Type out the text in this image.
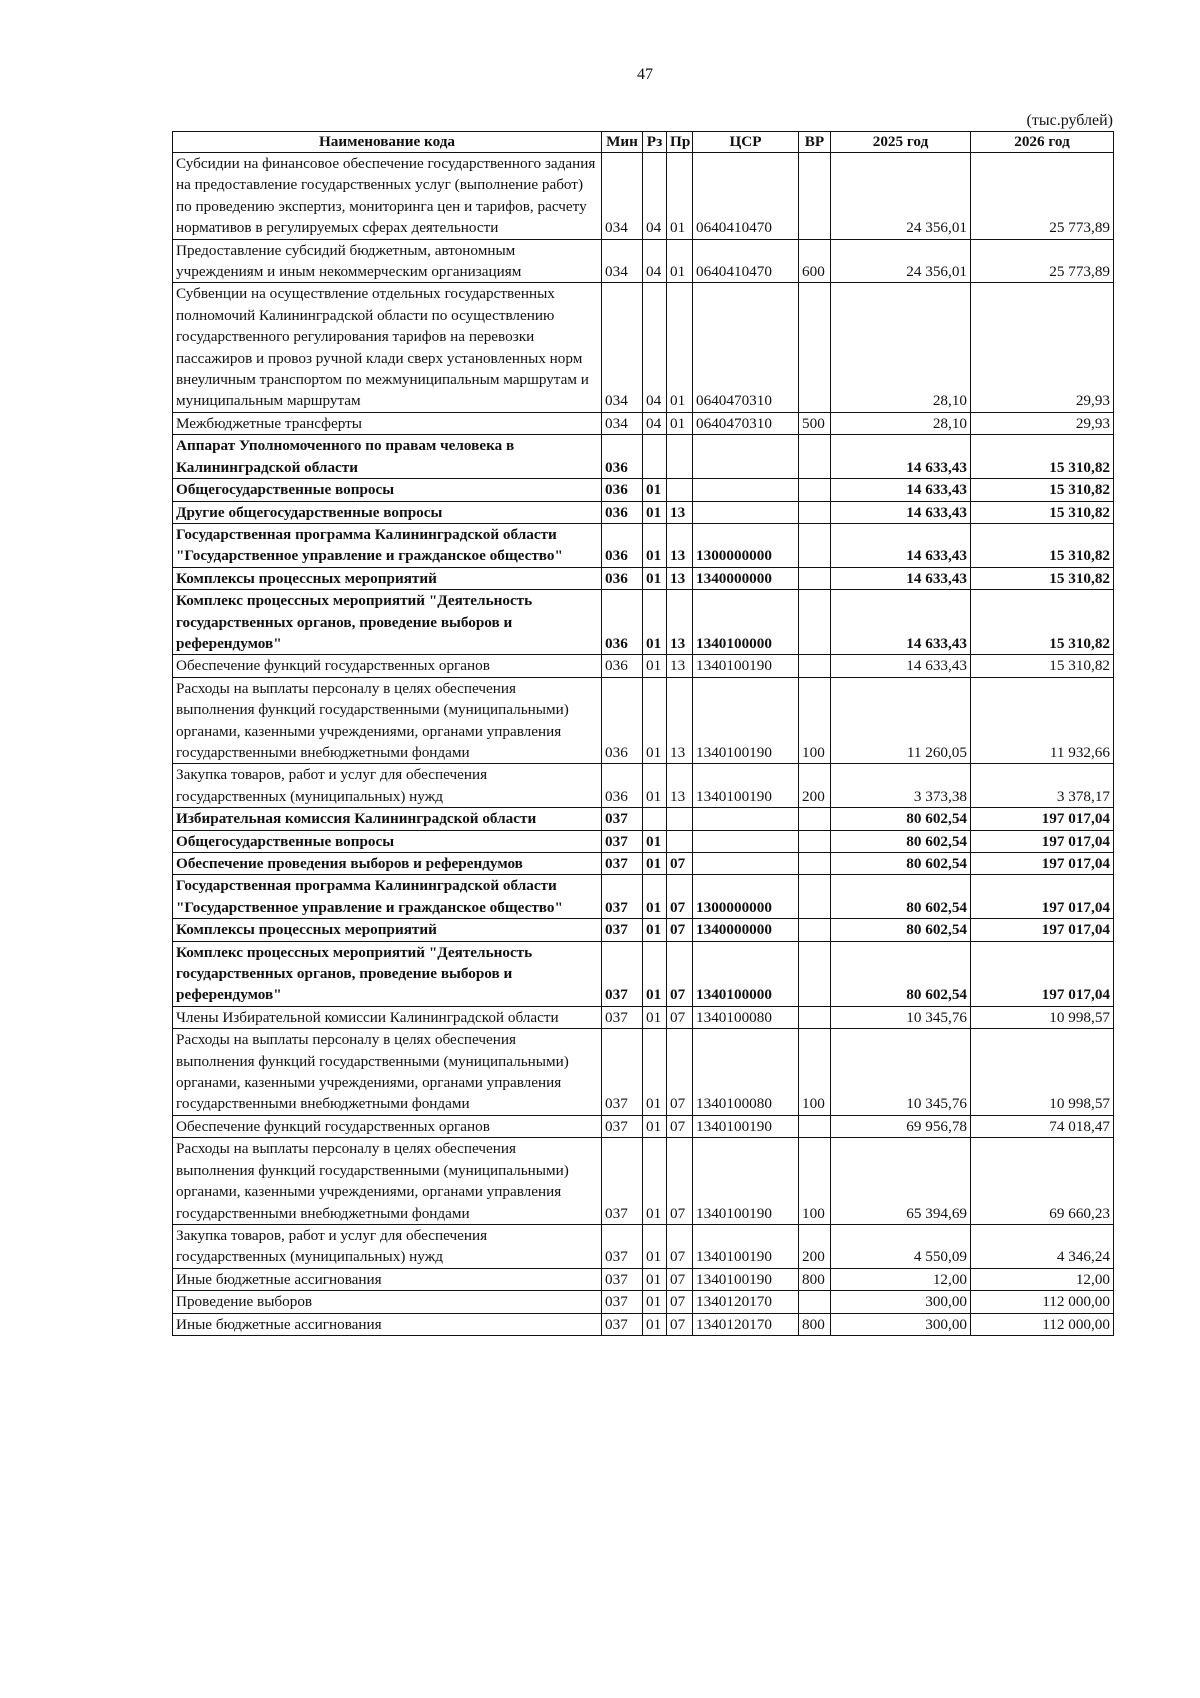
47
(тыс.рублей)
Наименование кода	Мин	Рз	Пр	ЦСР	ВР	2025 год	2026 год
Субсидии на финансовое обеспечение государственного задания на предоставление государственных услуг (выполнение работ) по проведению экспертиз, мониторинга цен и тарифов, расчету нормативов в регулируемых сферах деятельности	034	04	01	0640410470		24 356,01	25 773,89
Предоставление субсидий бюджетным, автономным учреждениям и иным некоммерческим организациям	034	04	01	0640410470	600	24 356,01	25 773,89
Субвенции на осуществление отдельных государственных полномочий Калининградской области по осуществлению государственного регулирования тарифов на перевозки пассажиров и провоз ручной клади сверх установленных норм внеуличным транспортом по межмуниципальным маршрутам и муниципальным маршрутам	034	04	01	0640470310		28,10	29,93
Межбюджетные трансферты	034	04	01	0640470310	500	28,10	29,93
Аппарат Уполномоченного по правам человека в Калининградской области	036					14 633,43	15 310,82
Общегосударственные вопросы	036	01				14 633,43	15 310,82
Другие общегосударственные вопросы	036	01	13			14 633,43	15 310,82
Государственная программа Калининградской области "Государственное управление и гражданское общество"	036	01	13	1300000000		14 633,43	15 310,82
Комплексы процессных мероприятий	036	01	13	1340000000		14 633,43	15 310,82
Комплекс процессных мероприятий "Деятельность государственных органов, проведение выборов и референдумов"	036	01	13	1340100000		14 633,43	15 310,82
Обеспечение функций государственных органов	036	01	13	1340100190		14 633,43	15 310,82
Расходы на выплаты персоналу в целях обеспечения выполнения функций государственными (муниципальными) органами, казенными учреждениями, органами управления государственными внебюджетными фондами	036	01	13	1340100190	100	11 260,05	11 932,66
Закупка товаров, работ и услуг для обеспечения государственных (муниципальных) нужд	036	01	13	1340100190	200	3 373,38	3 378,17
Избирательная комиссия Калининградской области	037					80 602,54	197 017,04
Общегосударственные вопросы	037	01				80 602,54	197 017,04
Обеспечение проведения выборов и референдумов	037	01	07			80 602,54	197 017,04
Государственная программа Калининградской области "Государственное управление и гражданское общество"	037	01	07	1300000000		80 602,54	197 017,04
Комплексы процессных мероприятий	037	01	07	1340000000		80 602,54	197 017,04
Комплекс процессных мероприятий "Деятельность государственных органов, проведение выборов и референдумов"	037	01	07	1340100000		80 602,54	197 017,04
Члены Избирательной комиссии Калининградской области	037	01	07	1340100080		10 345,76	10 998,57
Расходы на выплаты персоналу в целях обеспечения выполнения функций государственными (муниципальными) органами, казенными учреждениями, органами управления государственными внебюджетными фондами	037	01	07	1340100080	100	10 345,76	10 998,57
Обеспечение функций государственных органов	037	01	07	1340100190		69 956,78	74 018,47
Расходы на выплаты персоналу в целях обеспечения выполнения функций государственными (муниципальными) органами, казенными учреждениями, органами управления государственными внебюджетными фондами	037	01	07	1340100190	100	65 394,69	69 660,23
Закупка товаров, работ и услуг для обеспечения государственных (муниципальных) нужд	037	01	07	1340100190	200	4 550,09	4 346,24
Иные бюджетные ассигнования	037	01	07	1340100190	800	12,00	12,00
Проведение выборов	037	01	07	1340120170		300,00	112 000,00
Иные бюджетные ассигнования	037	01	07	1340120170	800	300,00	112 000,00
